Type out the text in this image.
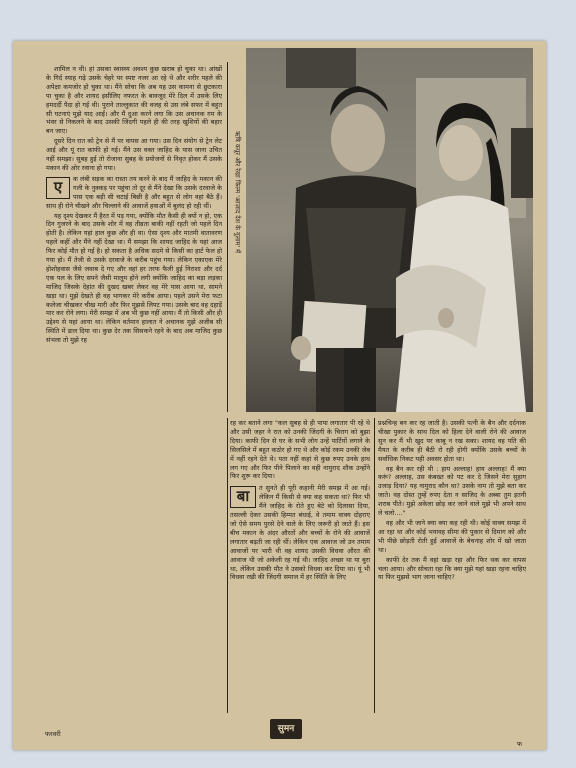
शामिल न थी। हां उसका स्वास्थ्य अवश्य कुछ खराब हो चुका था। आंखों के गिर्द स्याह गढ़े उसके चेहरे पर स्पष्ट नजर आ रहे थे और शरीर पहले की अपेक्षा कमजोर हो चुका था। मैंने सोचा कि अब यह उस कामना से छुटकारा पा चुका है और शायद इसीलिए नफरत के बावजूद मेरे दिल में उसके लिए हमदर्दी पैदा हो गई थी। पुराने ताल्लुकात की वजह से उस लंबे सफर में बहुत सी घटनाएं मुझे याद आईं। और मैं दुआ करने लगा कि उस अचानक ग़म के भंवर से निकलने के बाद उसकी जिंदगी पहले ही की तरह खुशियों की बहार बन जाए।

दूसरे दिन रात को ट्रेन से मैं पर वापस आ गया। उस दिन संयोग से ट्रेन लेट आई और यूं रात काफी हो गई। मैंने उस वक्त जाहिद के पास जाना उचित नहीं समझा। सुबह हुई तो रोजाना सुबह के प्रयोजनों से निवृत होकर मैं उसके मकान की ओर रवाना हो गया।

ए	क लंबी सड़क का रास्ता तय करने के बाद मैं जाहिद के मकान की गली के नुक्कड़ पर पहुंचा तो दूर से मैंने देखा कि उसके दरवाजे के पास एक बड़ी सी चटाई बिछी है और बहुत से लोग वहां बैठे हैं। साथ ही रोने चीखने और चिल्लाने की आवाजें हवाओं में बुलंद हो रही थीं।

यह दृश्य देखकर मैं हैरत में पड़ गया, क्योंकि मौत कैसी ही क्यों न हो, एक दिन गुजरने के बाद उसके शोर में वह तीव्रता बाकी नहीं रहती जो पहले दिन होती है। लेकिन यहां हाल कुछ और ही था। ऐसा दृश्य और मातमी वातावरण पहले कहीं और मैंने नहीं देखा था। मैं समझा कि शायद जाहिद के यहां आज फिर कोई मौत हो गई है। हो सकता है अधिक सदमे से किसी का हार्ट फेल हो गया हो। मैं तेजी से उसके दरवाजे के करीब पहुंच गया। लेकिन एकाएक मेरे होशोहवास जैसे जवाब दे गए और वहां हर तरफ फैली हुई निराशा और दर्द एक पल के लिए सपने जैसी मालूम होने लगी क्योंकि जाहिद का बड़ा लड़का माजिद जिसके देहांत की दुखद खबर लेकर वह मेरे पास आया था, सामने खड़ा था। मुझे देखते ही वह भागकर मेरे करीब आया। पहले उसने मेरा फटा कलेजा चीखकर चीख मारी और फिर मुझसे लिपट गया। उसके बाद वह दहाड़ें मार कर रोने लगा। मेरी समझ में अब भी कुछ नहीं आया। मैं तो किसी और ही उद्देश्य से यहां आया था। लेकिन वर्तमान हालात ने अचानक मुझे अजीब सी स्थिति में डाल दिया था। कुछ देर तक सिसकने रहने के बाद अब माजिद कुछ संभला तो मुझे रह

ऋषि कपूर और रेखा फिल्म 'आज़ाद देश के गुलाम' में

रह कर बताने लगा "कल सुबह से ही पापा लगातार पी रहे थे और उसी जहर ने रात को उनकी जिंदगी के चिराग को बुझा दिया। काफी दिन से घर के सभी लोग उन्हें पार्टियों लगाने के सिलसिले में बहुत कठोर हो गए थे और कोई रकम उनकी जेब में नहीं रहने देते थे। पता नहीं कहां से कुछ रुपए उनके हाथ लग गए और फिर पीने पिलाने का वही नामुराद शौक उन्होंने फिर शुरू कर दिया।

बा	त सुनते ही पूरी कहानी मेरी समझ में आ गई। लेकिन मैं किसी से क्या कह सकता था? फिर भी मैंने जाहिद के रोते हुए बेटे को दिलासा दिया, तसल्ली देकर उसकी हिम्मत बंधाई, वे तमाम वाक्य दोहराए जो ऐसे समय पुरसे देने वाले के लिए जरूरी हो जाते हैं। इस बीच मकान के अंदर औरतों और बच्चों के रोने की आवाजें लगातार बढ़ती जा रही थीं। लेकिन एक आवाज जो उन तमाम आवाजों पर भारी थी वह शायद उसकी विधवा औरत की आवाज थी जो अकेली रह गई थी। जाहिद अच्छा था या बुरा था, लेकिन उसकी मौत ने उसको विधवा कर दिया था। यूं भी विधवा रखी की जिंदगी समाज में हर स्थिति के लिए

प्रश्नचिन्ह बन कर रह जाती है। उसकी पत्नी के बैन और दर्दनाक चीखा पुकार के साथ दिल को हिला देने वाली रोने की आवाज सुन कर मैं भी खुद पर काबू न रख सका। शायद वह पति की मैयत के करीब ही बैठी रो रही होगी क्योंकि उसके बच्चों के सर्वाधिक निकट यही अवसर होता था।

वह बैन कर रही थी : हाय अल्लाह! हाय अल्लाह! मैं क्या करूं? अल्लाह, उस कंबख्त को पट कर दे जिसने मेरा सुहाग उजाड़ दिया? यह नामुराद कौन था? उसके नाम तो मुझे बता कर जाते। वह दोस्त तुम्हें रुपए देता न साजिद के अब्बा तुम इतनी शराब पीते। मुझे अकेला छोड़ कर जाने वाले मुझे भी अपने साथ ले चलो...."

वह और भी जाने क्या क्या कह रही थी। कोई वाक्य समझ में आ रहा था और कोई भयावह सीमा की पुकार से दिमाग को और भी पीछे छोड़ती रोती हुई आवाजें के बेचनाह शोर में खो जाता था।

काफी देर तक मैं वहां खड़ा रहा और फिर थक कर वापस चला आया। और सोचता रहा कि क्या मुझे यहां खड़ा रहना चाहिए या फिर मुझसे भाग जाना चाहिए?

फरवरी	सुमन
फ
